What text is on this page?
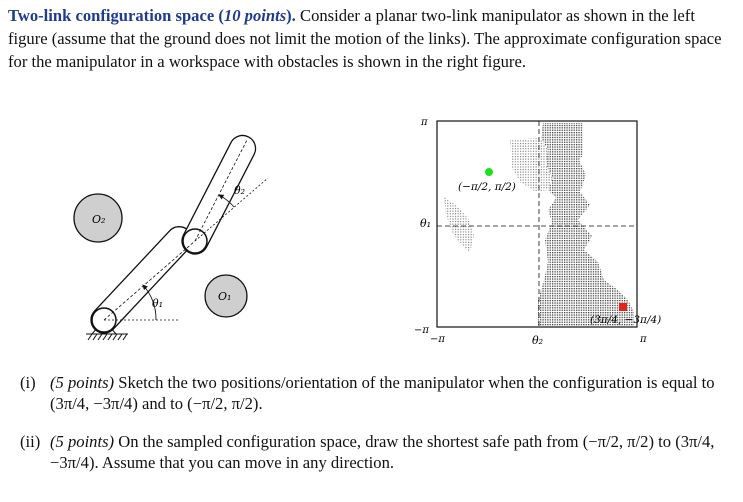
Two-link configuration space (10 points). Consider a planar two-link manipulator as shown in the left figure (assume that the ground does not limit the motion of the links). The approximate configuration space for the manipulator in a workspace with obstacles is shown in the right figure.
O₂
O₁
θ₁
θ₂	(−π/2, π/2)
(3π/4, −3π/4)
π
θ₁
−π
−π	θ₂	π
(i) (5 points) Sketch the two positions/orientation of the manipulator when the configuration is equal to (3π/4, −3π/4) and to (−π/2, π/2).
(ii) (5 points) On the sampled configuration space, draw the shortest safe path from (−π/2, π/2) to (3π/4, −3π/4). Assume that you can move in any direction.
